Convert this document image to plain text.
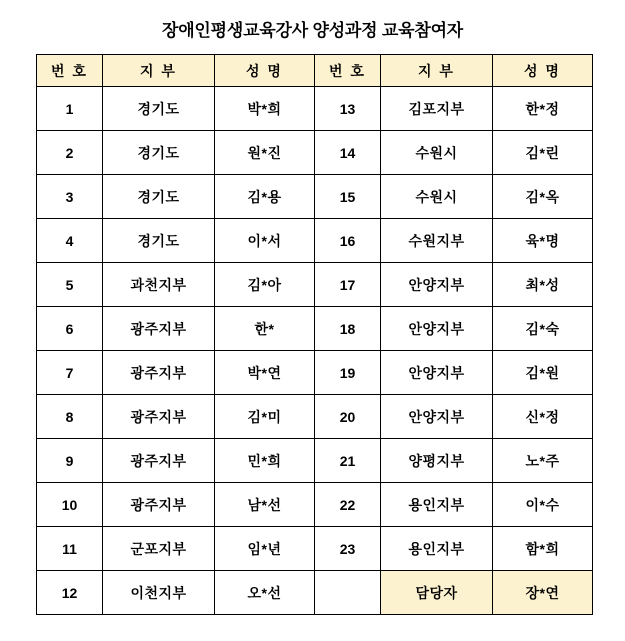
장애인평생교육강사 양성과정 교육참여자
번 호	지 부	성 명	번 호	지 부	성 명
1	경기도	박*희	13	김포지부	한*정
2	경기도	원*진	14	수원시	김*린
3	경기도	김*용	15	수원시	김*옥
4	경기도	이*서	16	수원지부	육*명
5	과천지부	김*아	17	안양지부	최*성
6	광주지부	한*	18	안양지부	김*숙
7	광주지부	박*연	19	안양지부	김*원
8	광주지부	김*미	20	안양지부	신*정
9	광주지부	민*희	21	양평지부	노*주
10	광주지부	남*선	22	용인지부	이*수
11	군포지부	임*년	23	용인지부	함*희
12	이천지부	오*선		담당자	장*연
